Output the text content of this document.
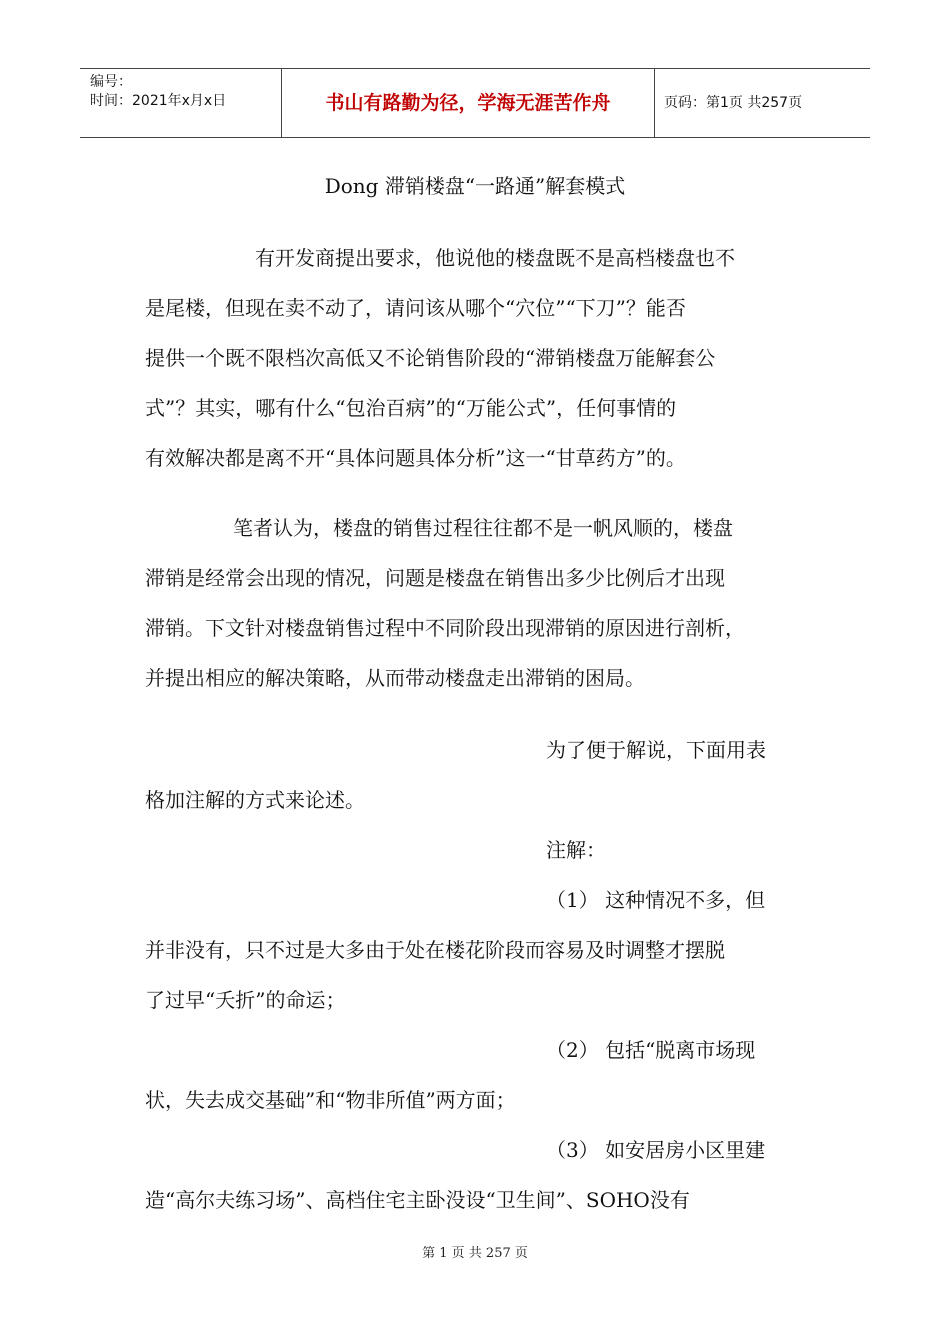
编号：
时间：2021年x月x日	书山有路勤为径，学海无涯苦作舟	页码：第1页 共257页
Dong 滞销楼盘“一路通”解套模式
有开发商提出要求，他说他的楼盘既不是高档楼盘也不
是尾楼，但现在卖不动了，请问该从哪个“穴位”“下刀”？能否
提供一个既不限档次高低又不论销售阶段的“滞销楼盘万能解套公
式”？其实，哪有什么“包治百病”的“万能公式”，任何事情的
有效解决都是离不开“具体问题具体分析”这一“甘草药方”的。
笔者认为，楼盘的销售过程往往都不是一帆风顺的，楼盘
滞销是经常会出现的情况，问题是楼盘在销售出多少比例后才出现
滞销。下文针对楼盘销售过程中不同阶段出现滞销的原因进行剖析，
并提出相应的解决策略，从而带动楼盘走出滞销的困局。
为了便于解说，下面用表
格加注解的方式来论述。
注解：
（1） 这种情况不多，但
并非没有，只不过是大多由于处在楼花阶段而容易及时调整才摆脱
了过早“夭折”的命运；
（2） 包括“脱离市场现
状，失去成交基础”和“物非所值”两方面；
（3） 如安居房小区里建
造“高尔夫练习场”、高档住宅主卧没设“卫生间”、SOHO没有
第 1 页 共 257 页
